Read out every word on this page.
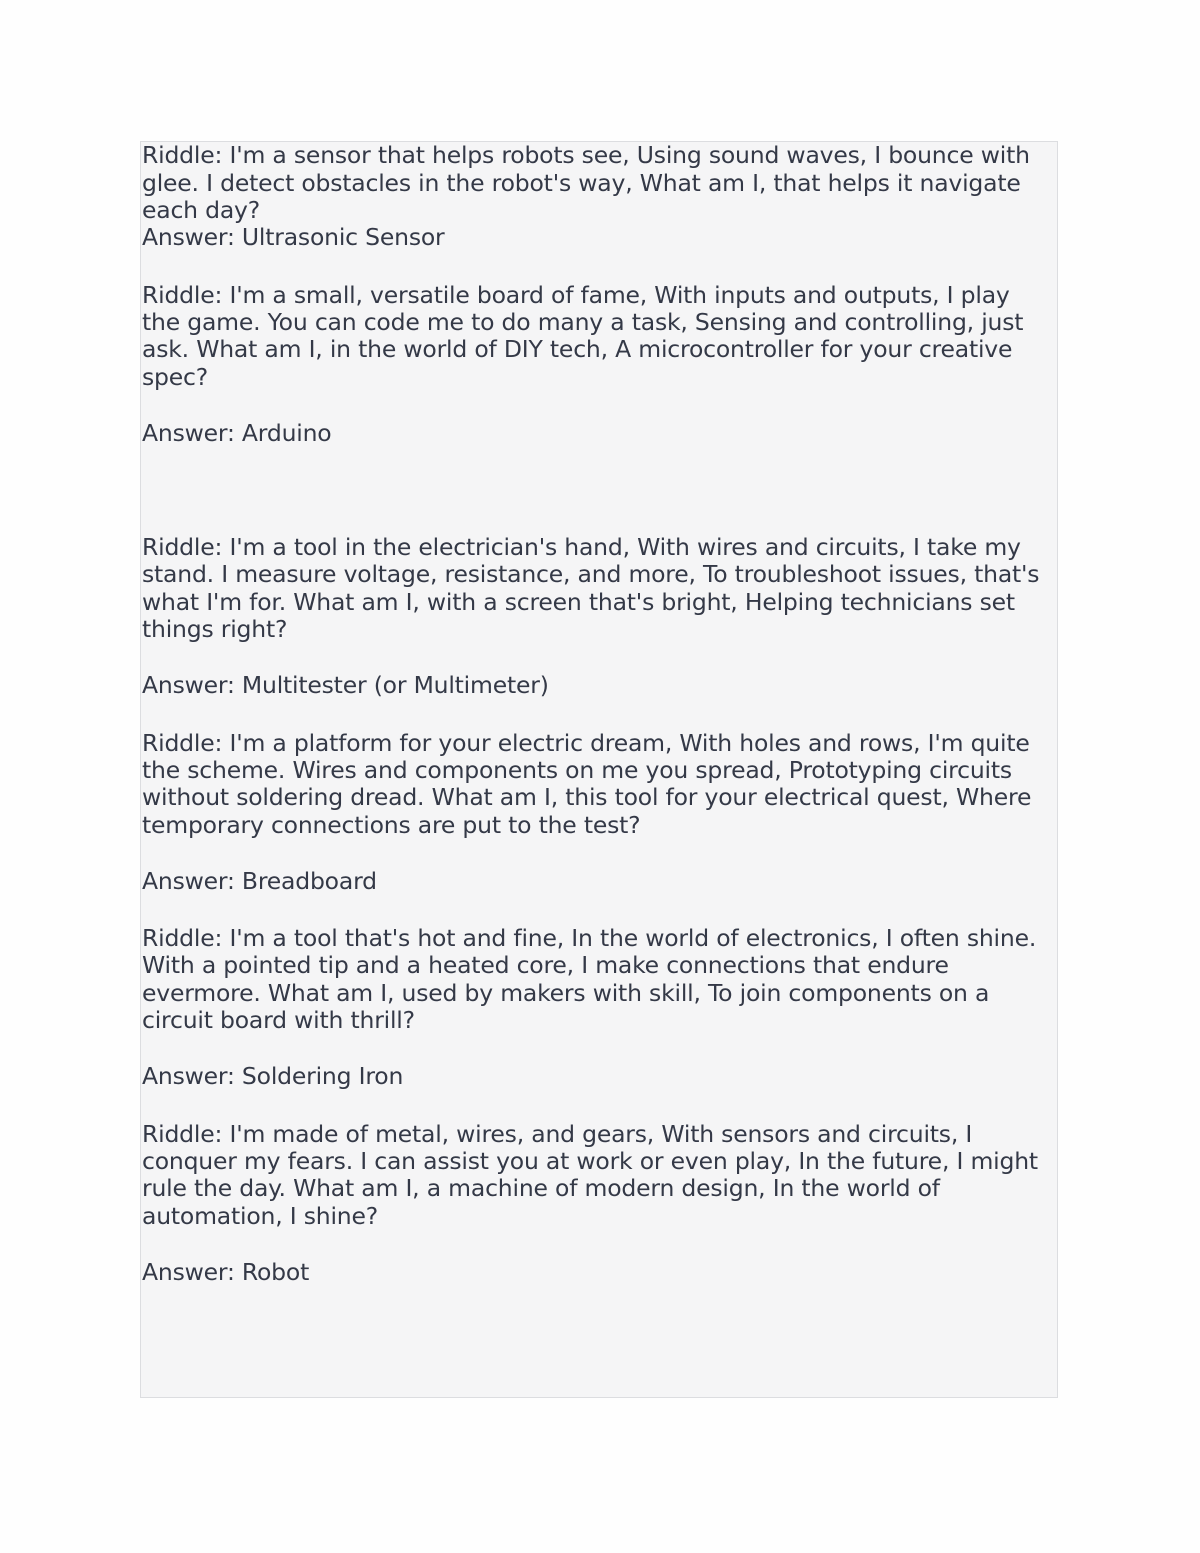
Riddle: I'm a sensor that helps robots see, Using sound waves, I bounce with
glee. I detect obstacles in the robot's way, What am I, that helps it navigate
each day?
Answer: Ultrasonic Sensor
Riddle: I'm a small, versatile board of fame, With inputs and outputs, I play
the game. You can code me to do many a task, Sensing and controlling, just
ask. What am I, in the world of DIY tech, A microcontroller for your creative
spec?
Answer: Arduino
Riddle: I'm a tool in the electrician's hand, With wires and circuits, I take my
stand. I measure voltage, resistance, and more, To troubleshoot issues, that's
what I'm for. What am I, with a screen that's bright, Helping technicians set
things right?
Answer: Multitester (or Multimeter)
Riddle: I'm a platform for your electric dream, With holes and rows, I'm quite
the scheme. Wires and components on me you spread, Prototyping circuits
without soldering dread. What am I, this tool for your electrical quest, Where
temporary connections are put to the test?
Answer: Breadboard
Riddle: I'm a tool that's hot and fine, In the world of electronics, I often shine.
With a pointed tip and a heated core, I make connections that endure
evermore. What am I, used by makers with skill, To join components on a
circuit board with thrill?
Answer: Soldering Iron
Riddle: I'm made of metal, wires, and gears, With sensors and circuits, I
conquer my fears. I can assist you at work or even play, In the future, I might
rule the day. What am I, a machine of modern design, In the world of
automation, I shine?
Answer: Robot
